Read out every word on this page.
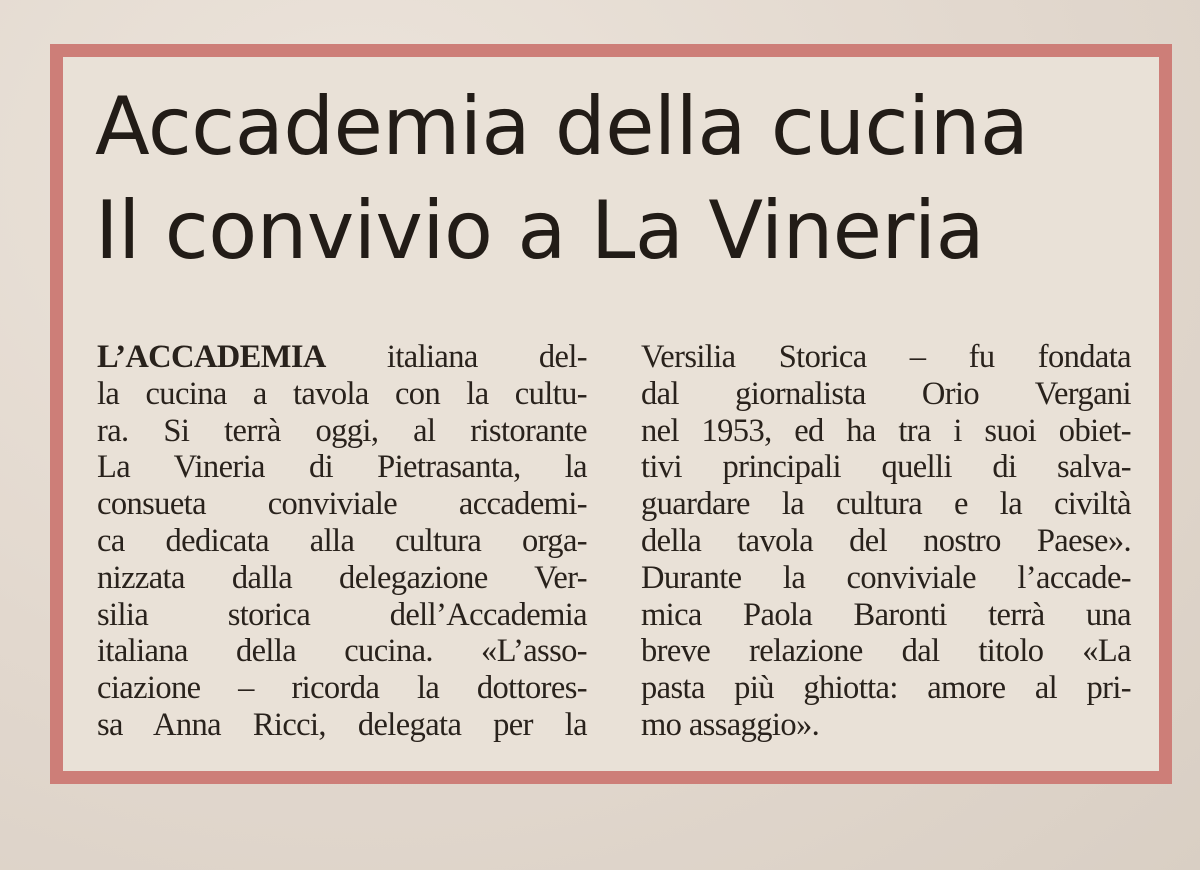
Accademia della cucina
Il convivio a La Vineria
L’ACCADEMIA italiana del-
la cucina a tavola con la cultu-
ra. Si terrà oggi, al ristorante
La Vineria di Pietrasanta, la
consueta conviviale accademi-
ca dedicata alla cultura orga-
nizzata dalla delegazione Ver-
silia storica dell’Accademia
italiana della cucina. «L’asso-
ciazione – ricorda la dottores-
sa Anna Ricci, delegata per la
Versilia Storica – fu fondata
dal giornalista Orio Vergani
nel 1953, ed ha tra i suoi obiet-
tivi principali quelli di salva-
guardare la cultura e la civiltà
della tavola del nostro Paese».
Durante la conviviale l’accade-
mica Paola Baronti terrà una
breve relazione dal titolo «La
pasta più ghiotta: amore al pri-
mo assaggio».
